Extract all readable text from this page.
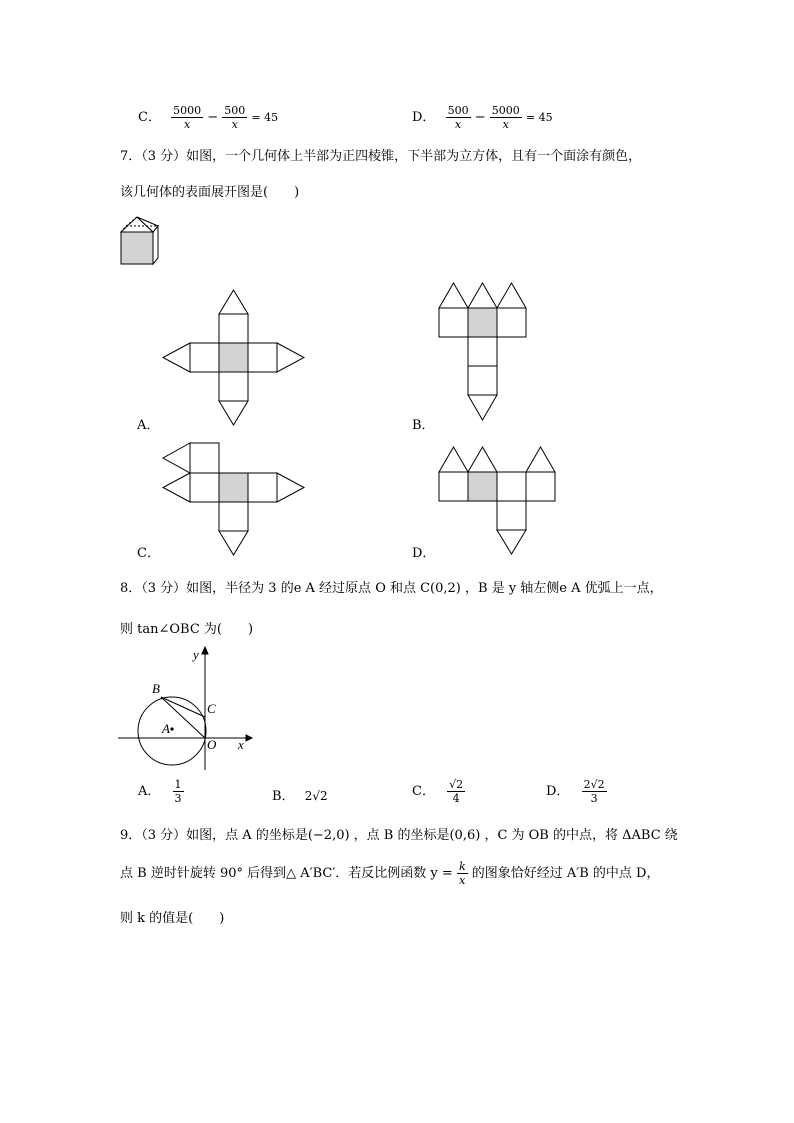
C． $\frac{5000}{x} - \frac{500}{x} = 45$	D． $\frac{500}{x} - \frac{5000}{x} = 45$
7．（3 分）如图，一个几何体上半部为正四棱锥，下半部为立方体，且有一个面涂有颜色，
该几何体的表面展开图是(　　)
A．	B．
C．	D．
8．（3 分）如图，半径为 3 的e A 经过原点 O 和点 C(0,2) ，B 是 y 轴左侧e A 优弧上一点，
则 tan∠OBC 为(　　)
y
x
B
C
A
O
A． $\frac{1}{3}$	B． 2√2	C． $\frac{√2}{4}$	D． $\frac{2√2}{3}$
9．（3 分）如图，点 A 的坐标是(−2,0) ，点 B 的坐标是(0,6) ，C 为 OB 的中点，将 ΔABC 绕
点 B 逆时针旋转 90° 后得到△ A′BC′．若反比例函数 $y = \frac{k}{x}$ 的图象恰好经过 A′B 的中点 D，
则 k 的值是(　　)
